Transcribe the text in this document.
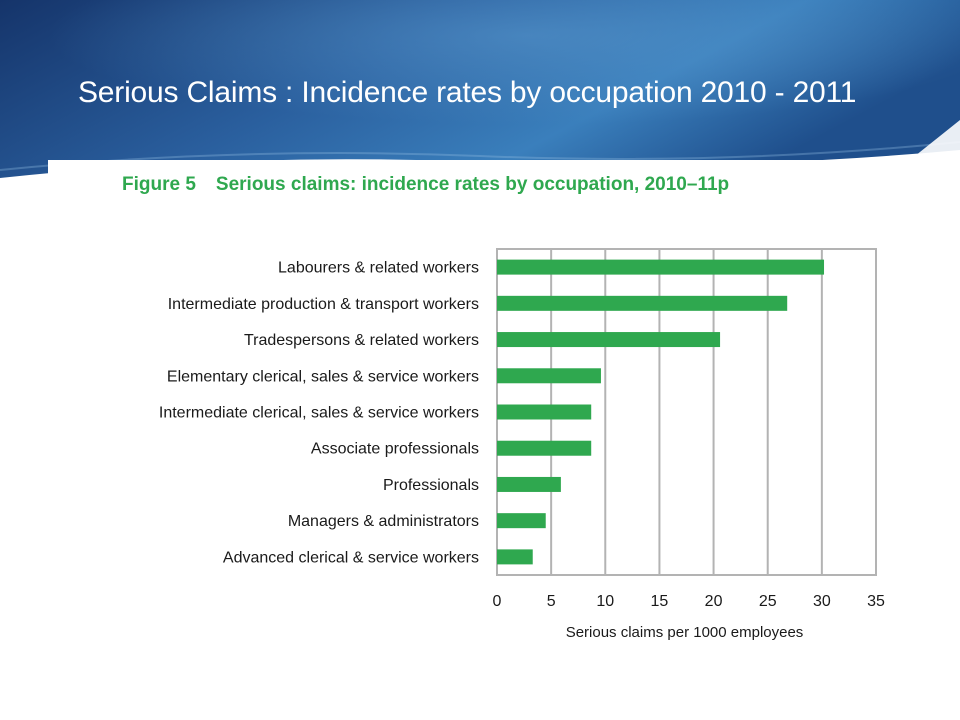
Serious Claims : Incidence rates by occupation 2010 - 2011
Figure 5 Serious claims: incidence rates by occupation, 2010–11p
0	5	10 15 20 25 30 35
Labourers & related workers
Intermediate production & transport workers
Tradespersons & related workers
Elementary clerical, sales & service workers
Intermediate clerical, sales & service workers
Associate professionals
Professionals
Managers & administrators
Advanced clerical & service workers
Serious claims per 1000 employees
